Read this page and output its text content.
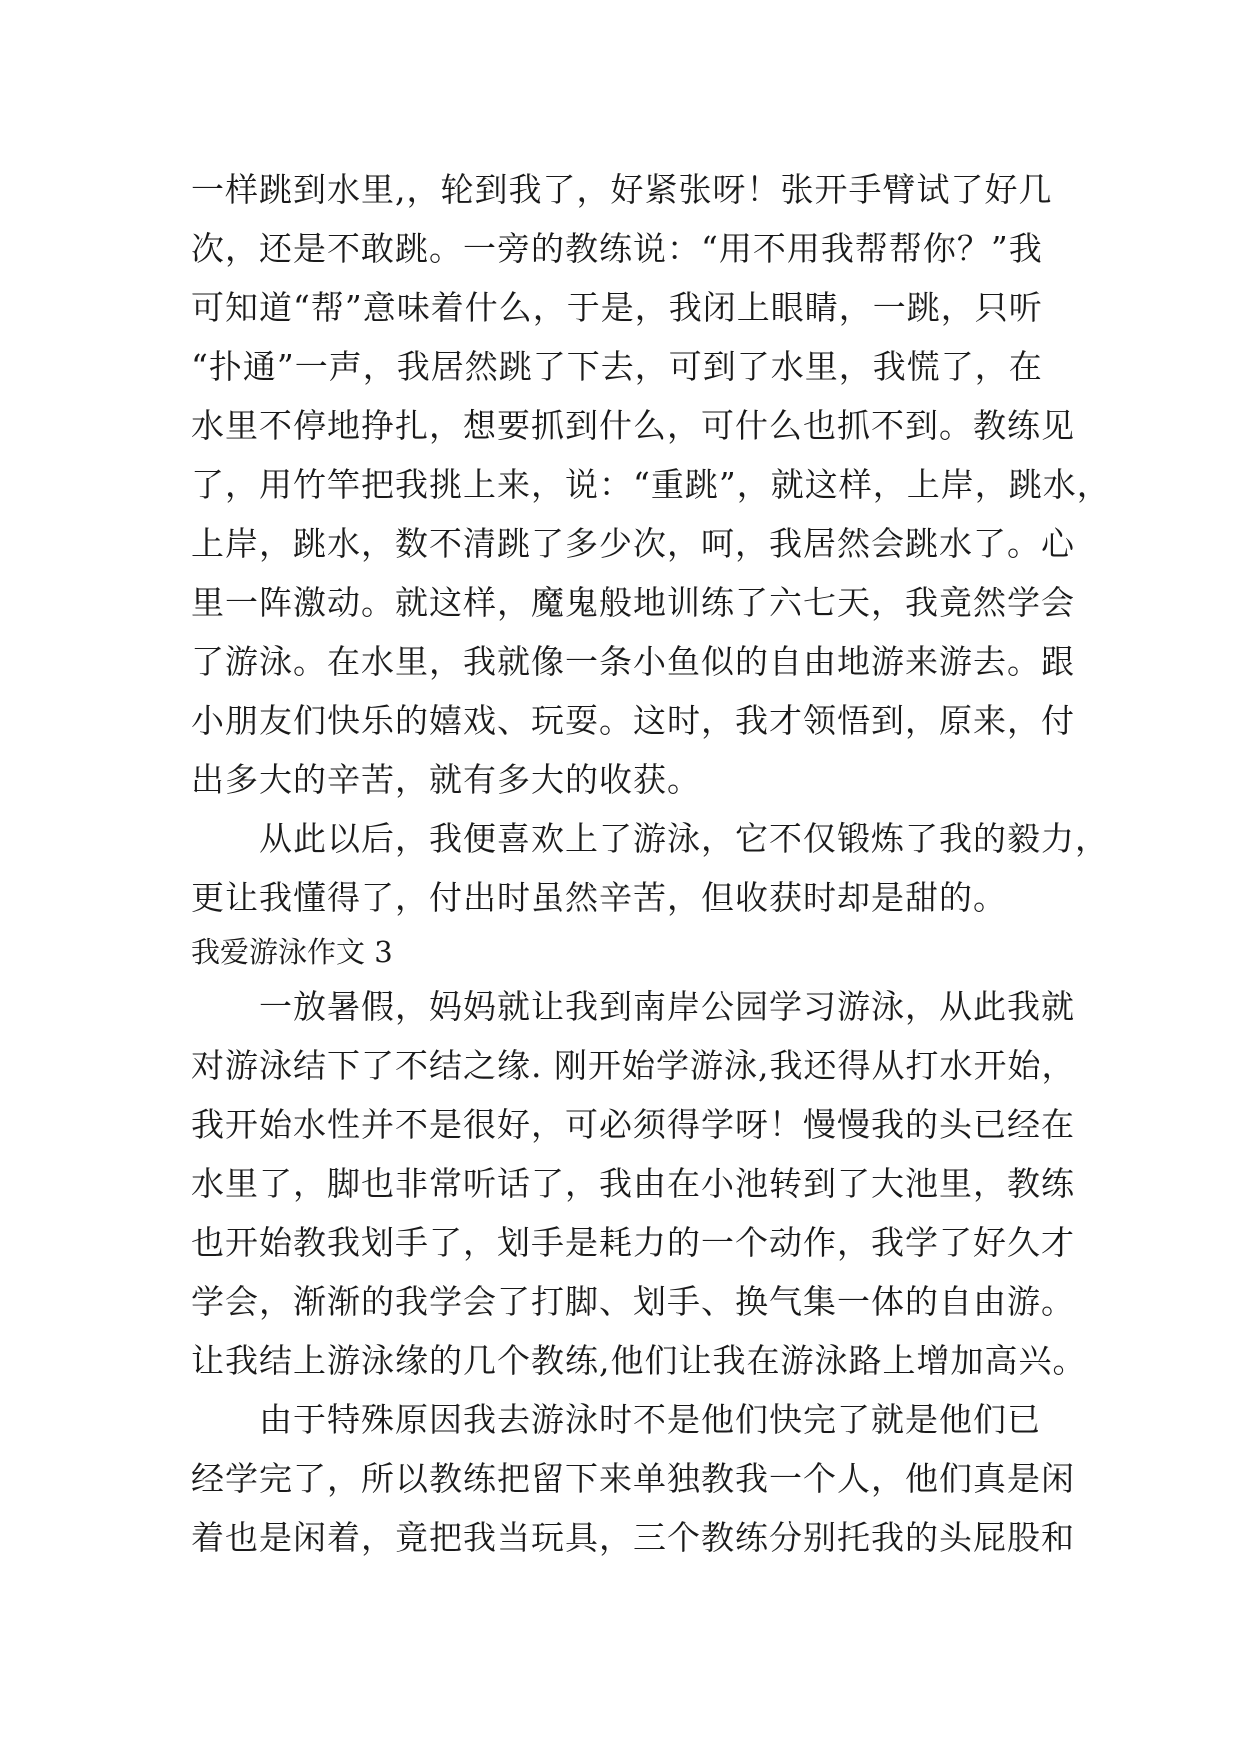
一样跳到水里,，轮到我了，好紧张呀！张开手臂试了好几
次，还是不敢跳。一旁的教练说：“用不用我帮帮你？”我
可知道“帮”意味着什么，于是，我闭上眼睛，一跳，只听
“扑通”一声，我居然跳了下去，可到了水里，我慌了，在
水里不停地挣扎，想要抓到什么，可什么也抓不到。教练见
了，用竹竿把我挑上来，说：“重跳”，就这样，上岸，跳水，
上岸，跳水，数不清跳了多少次，呵，我居然会跳水了。心
里一阵激动。就这样，魔鬼般地训练了六七天，我竟然学会
了游泳。在水里，我就像一条小鱼似的自由地游来游去。跟
小朋友们快乐的嬉戏、玩耍。这时，我才领悟到，原来，付
出多大的辛苦，就有多大的收获。
　　从此以后，我便喜欢上了游泳，它不仅锻炼了我的毅力，
更让我懂得了，付出时虽然辛苦，但收获时却是甜的。
我爱游泳作文 3
　　一放暑假，妈妈就让我到南岸公园学习游泳，从此我就
对游泳结下了不结之缘. 刚开始学游泳,我还得从打水开始，
我开始水性并不是很好，可必须得学呀！慢慢我的头已经在
水里了，脚也非常听话了，我由在小池转到了大池里，教练
也开始教我划手了，划手是耗力的一个动作，我学了好久才
学会，渐渐的我学会了打脚、划手、换气集一体的自由游。
让我结上游泳缘的几个教练,他们让我在游泳路上增加高兴。
　　由于特殊原因我去游泳时不是他们快完了就是他们已
经学完了，所以教练把留下来单独教我一个人，他们真是闲
着也是闲着，竟把我当玩具，三个教练分别托我的头屁股和
